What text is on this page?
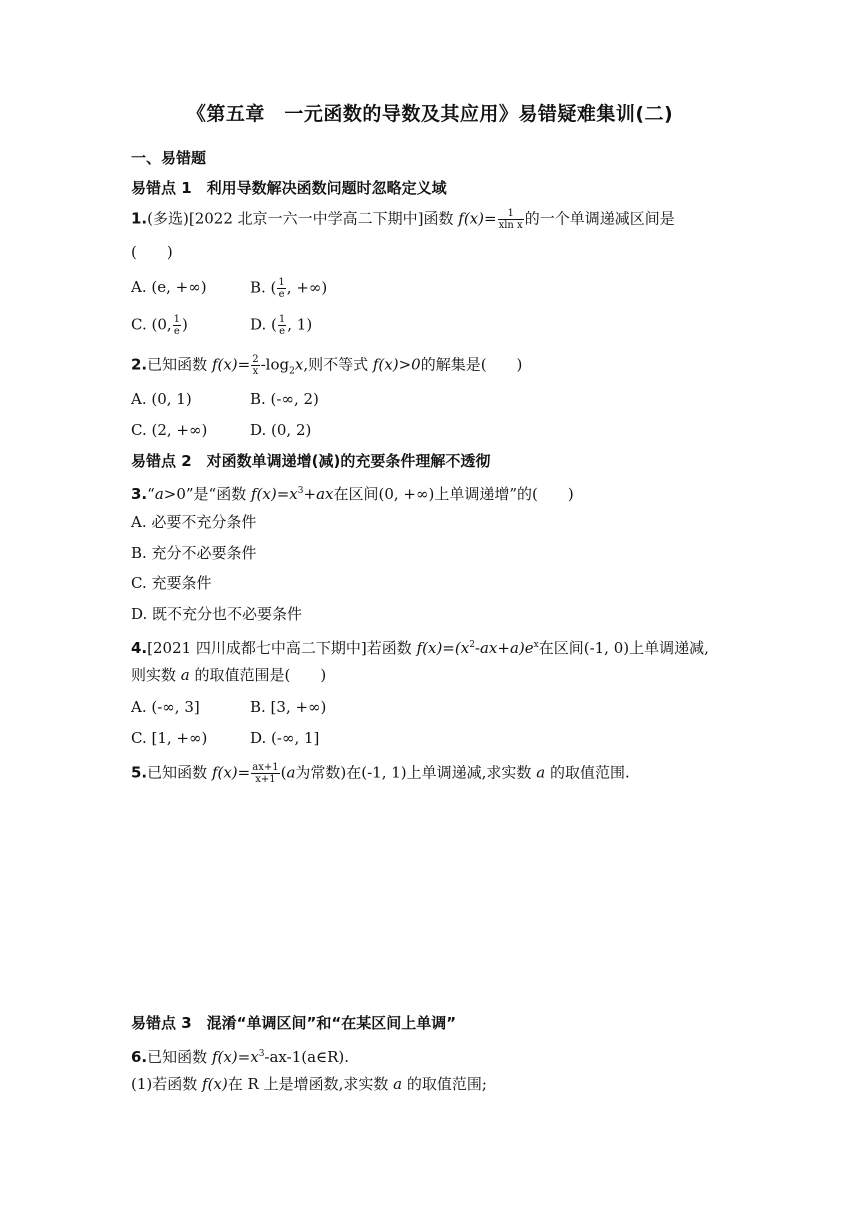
《第五章　一元函数的导数及其应用》易错疑难集训(二)
一、易错题
易错点 1　利用导数解决函数问题时忽略定义域
1.(多选)[2022 北京一六一中学高二下期中]函数 $f(x)= \frac{1}{\text{xln x}}$ 的一个单调递减区间是
(　　)
A. (e, +∞)	B. ( $\frac{1}{e}$ , +∞)
C. (0, $\frac{1}{e}$ )	D. ( $\frac{1}{e}$ , 1)
2.已知函数 $f(x)= \frac{2}{x} -\log_2x$,则不等式 f(x)>0的解集是(　　)
A. (0, 1)	B. (-∞, 2)
C. (2, +∞)	D. (0, 2)
易错点 2　对函数单调递增(减)的充要条件理解不透彻
3.“a>0”是“函数 $f(x)=x^3+ax$在区间(0, +∞)上单调递增”的(　　)
A. 必要不充分条件
B. 充分不必要条件
C. 充要条件
D. 既不充分也不必要条件
4.[2021 四川成都七中高二下期中]若函数 $f(x)=(x^2-ax+a)e^x$在区间(-1, 0)上单调递减,
则实数 a 的取值范围是(　　)
A. (-∞, 3]	B. [3, +∞)
C. [1, +∞)	D. (-∞, 1]
5.已知函数 $f(x)= \frac{ax+1}{x+1} (a$为常数)在(-1, 1)上单调递减,求实数 a 的取值范围.
易错点 3　混淆“单调区间”和“在某区间上单调”
6.已知函数 $f(x)=x^3-ax-1(a\in R)$.
(1)若函数 f(x)在 R 上是增函数,求实数 a 的取值范围;
